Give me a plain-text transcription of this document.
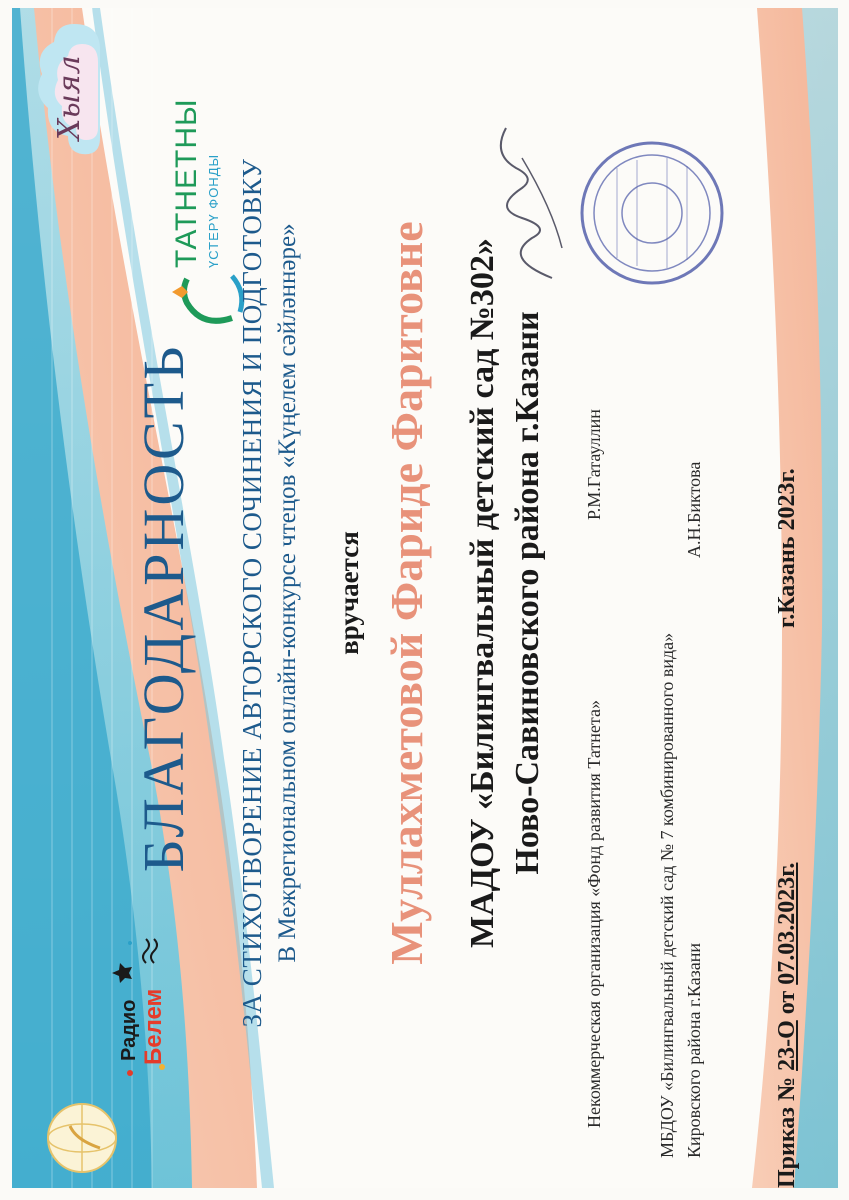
Радио Белем
Хыял
ТАТНЕТНЫ ҮСТЕРҮ ФОНДЫ
БЛАГОДАРНОСТЬ ЗА СТИХОТВОРЕНИЕ АВТОРСКОГО СОЧИНЕНИЯ И ПОДГОТОВКУ В Межрегиональном онлайн-конкурсе чтецов «Күңелем сәйләннәре» вручается Муллахметовой Фариде Фаритовне МАДОУ «Билингвальный детский сад №302» Ново-Савиновского района г.Казани
Некоммерческая организация «Фонд развития Татнета»
Р.М.Гатауллин
МБДОУ «Билингвальный детский сад № 7 комбинированного вида» Кировского района г.Казани
А.Н.Биктова
Приказ № 23-О от 07.03.2023г.
г.Казань 2023г.
